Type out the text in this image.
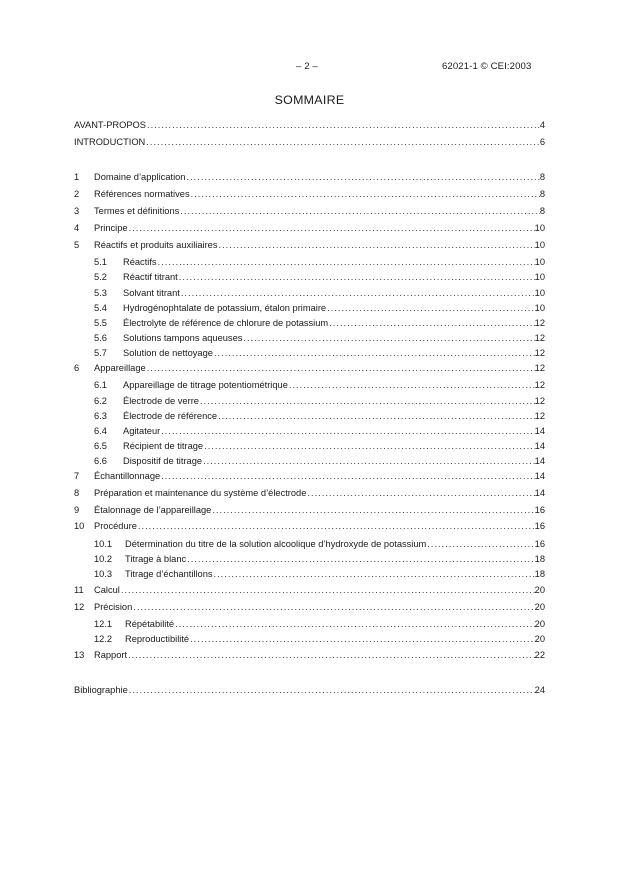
– 2 –	62021-1 © CEI:2003
SOMMAIRE
AVANT-PROPOS .....	4
INTRODUCTION .....	6
1	Domaine d’application .....	8
2	Références normatives .....	8
3	Termes et définitions .....	8
4	Principe .....	10
5	Réactifs et produits auxiliaires .....	10
5.1	Réactifs .....	10
5.2	Réactif titrant .....	10
5.3	Solvant titrant .....	10
5.4	Hydrogénophtalate de potassium, étalon primaire .....	10
5.5	Électrolyte de référence de chlorure de potassium .....	12
5.6	Solutions tampons aqueuses .....	12
5.7	Solution de nettoyage .....	12
6	Appareillage .....	12
6.1	Appareillage de titrage potentiométrique .....	12
6.2	Électrode de verre .....	12
6.3	Électrode de référence .....	12
6.4	Agitateur .....	14
6.5	Récipient de titrage .....	14
6.6	Dispositif de titrage .....	14
7	Échantillonnage .....	14
8	Préparation et maintenance du système d’électrode .....	14
9	Étalonnage de l’appareillage .....	16
10	Procédure .....	16
10.1	Détermination du titre de la solution alcoolique d’hydroxyde de potassium .....	16
10.2	Titrage à blanc .....	18
10.3	Titrage d’échantillons .....	18
11	Calcul .....	20
12	Précision .....	20
12.1	Répétabilité .....	20
12.2	Reproductibilité .....	20
13	Rapport .....	22
Bibliographie .....	24
